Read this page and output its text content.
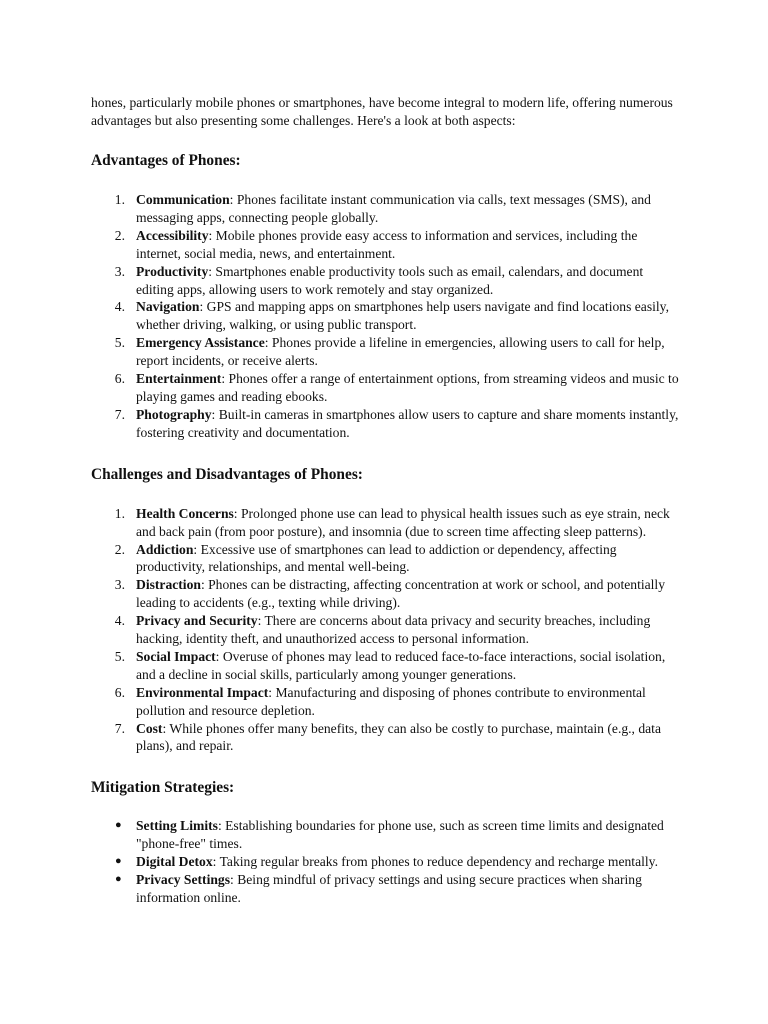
hones, particularly mobile phones or smartphones, have become integral to modern life, offering numerous advantages but also presenting some challenges. Here's a look at both aspects:

Advantages of Phones:
1. Communication: Phones facilitate instant communication via calls, text messages (SMS), and messaging apps, connecting people globally.
2. Accessibility: Mobile phones provide easy access to information and services, including the internet, social media, news, and entertainment.
3. Productivity: Smartphones enable productivity tools such as email, calendars, and document editing apps, allowing users to work remotely and stay organized.
4. Navigation: GPS and mapping apps on smartphones help users navigate and find locations easily, whether driving, walking, or using public transport.
5. Emergency Assistance: Phones provide a lifeline in emergencies, allowing users to call for help, report incidents, or receive alerts.
6. Entertainment: Phones offer a range of entertainment options, from streaming videos and music to playing games and reading ebooks.
7. Photography: Built-in cameras in smartphones allow users to capture and share moments instantly, fostering creativity and documentation.
Challenges and Disadvantages of Phones:
1. Health Concerns: Prolonged phone use can lead to physical health issues such as eye strain, neck and back pain (from poor posture), and insomnia (due to screen time affecting sleep patterns).
2. Addiction: Excessive use of smartphones can lead to addiction or dependency, affecting productivity, relationships, and mental well-being.
3. Distraction: Phones can be distracting, affecting concentration at work or school, and potentially leading to accidents (e.g., texting while driving).
4. Privacy and Security: There are concerns about data privacy and security breaches, including hacking, identity theft, and unauthorized access to personal information.
5. Social Impact: Overuse of phones may lead to reduced face-to-face interactions, social isolation, and a decline in social skills, particularly among younger generations.
6. Environmental Impact: Manufacturing and disposing of phones contribute to environmental pollution and resource depletion.
7. Cost: While phones offer many benefits, they can also be costly to purchase, maintain (e.g., data plans), and repair.
Mitigation Strategies:
● Setting Limits: Establishing boundaries for phone use, such as screen time limits and designated "phone-free" times.
● Digital Detox: Taking regular breaks from phones to reduce dependency and recharge mentally.
● Privacy Settings: Being mindful of privacy settings and using secure practices when sharing information online.
